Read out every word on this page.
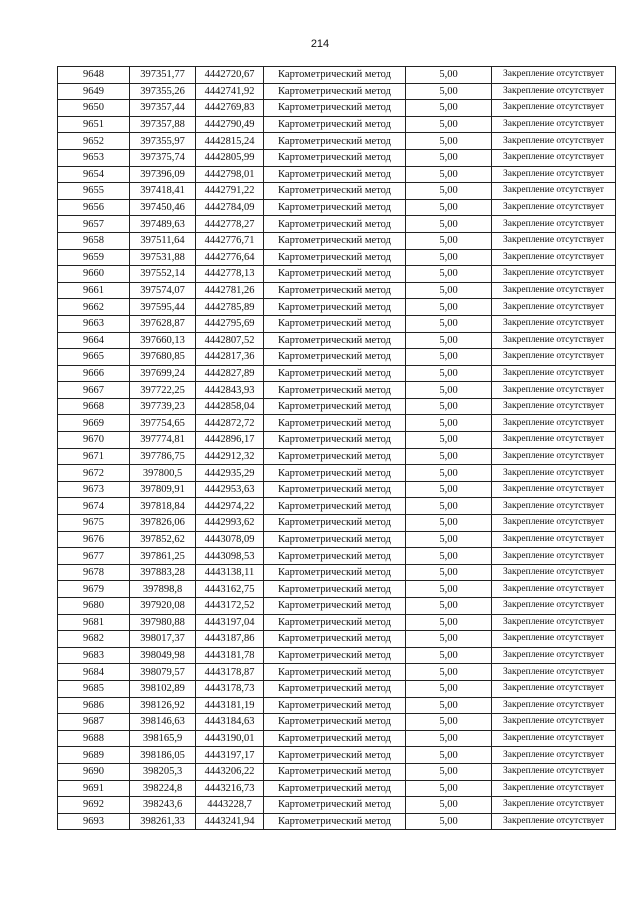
214
9648	397351,77	4442720,67	Картометрический метод	5,00	Закрепление отсутствует
9649	397355,26	4442741,92	Картометрический метод	5,00	Закрепление отсутствует
9650	397357,44	4442769,83	Картометрический метод	5,00	Закрепление отсутствует
9651	397357,88	4442790,49	Картометрический метод	5,00	Закрепление отсутствует
9652	397355,97	4442815,24	Картометрический метод	5,00	Закрепление отсутствует
9653	397375,74	4442805,99	Картометрический метод	5,00	Закрепление отсутствует
9654	397396,09	4442798,01	Картометрический метод	5,00	Закрепление отсутствует
9655	397418,41	4442791,22	Картометрический метод	5,00	Закрепление отсутствует
9656	397450,46	4442784,09	Картометрический метод	5,00	Закрепление отсутствует
9657	397489,63	4442778,27	Картометрический метод	5,00	Закрепление отсутствует
9658	397511,64	4442776,71	Картометрический метод	5,00	Закрепление отсутствует
9659	397531,88	4442776,64	Картометрический метод	5,00	Закрепление отсутствует
9660	397552,14	4442778,13	Картометрический метод	5,00	Закрепление отсутствует
9661	397574,07	4442781,26	Картометрический метод	5,00	Закрепление отсутствует
9662	397595,44	4442785,89	Картометрический метод	5,00	Закрепление отсутствует
9663	397628,87	4442795,69	Картометрический метод	5,00	Закрепление отсутствует
9664	397660,13	4442807,52	Картометрический метод	5,00	Закрепление отсутствует
9665	397680,85	4442817,36	Картометрический метод	5,00	Закрепление отсутствует
9666	397699,24	4442827,89	Картометрический метод	5,00	Закрепление отсутствует
9667	397722,25	4442843,93	Картометрический метод	5,00	Закрепление отсутствует
9668	397739,23	4442858,04	Картометрический метод	5,00	Закрепление отсутствует
9669	397754,65	4442872,72	Картометрический метод	5,00	Закрепление отсутствует
9670	397774,81	4442896,17	Картометрический метод	5,00	Закрепление отсутствует
9671	397786,75	4442912,32	Картометрический метод	5,00	Закрепление отсутствует
9672	397800,5	4442935,29	Картометрический метод	5,00	Закрепление отсутствует
9673	397809,91	4442953,63	Картометрический метод	5,00	Закрепление отсутствует
9674	397818,84	4442974,22	Картометрический метод	5,00	Закрепление отсутствует
9675	397826,06	4442993,62	Картометрический метод	5,00	Закрепление отсутствует
9676	397852,62	4443078,09	Картометрический метод	5,00	Закрепление отсутствует
9677	397861,25	4443098,53	Картометрический метод	5,00	Закрепление отсутствует
9678	397883,28	4443138,11	Картометрический метод	5,00	Закрепление отсутствует
9679	397898,8	4443162,75	Картометрический метод	5,00	Закрепление отсутствует
9680	397920,08	4443172,52	Картометрический метод	5,00	Закрепление отсутствует
9681	397980,88	4443197,04	Картометрический метод	5,00	Закрепление отсутствует
9682	398017,37	4443187,86	Картометрический метод	5,00	Закрепление отсутствует
9683	398049,98	4443181,78	Картометрический метод	5,00	Закрепление отсутствует
9684	398079,57	4443178,87	Картометрический метод	5,00	Закрепление отсутствует
9685	398102,89	4443178,73	Картометрический метод	5,00	Закрепление отсутствует
9686	398126,92	4443181,19	Картометрический метод	5,00	Закрепление отсутствует
9687	398146,63	4443184,63	Картометрический метод	5,00	Закрепление отсутствует
9688	398165,9	4443190,01	Картометрический метод	5,00	Закрепление отсутствует
9689	398186,05	4443197,17	Картометрический метод	5,00	Закрепление отсутствует
9690	398205,3	4443206,22	Картометрический метод	5,00	Закрепление отсутствует
9691	398224,8	4443216,73	Картометрический метод	5,00	Закрепление отсутствует
9692	398243,6	4443228,7	Картометрический метод	5,00	Закрепление отсутствует
9693	398261,33	4443241,94	Картометрический метод	5,00	Закрепление отсутствует
